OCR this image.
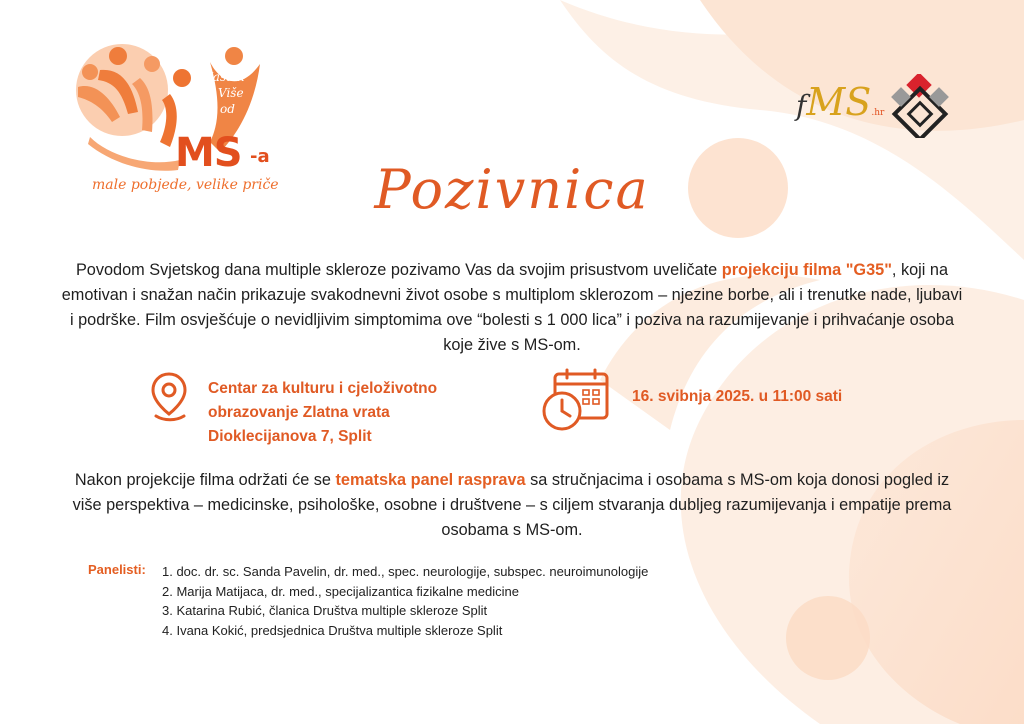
Jasam
Više
od
MS -a
male pobjede, velike priče
fMS.hr
Pozivnica
Povodom Svjetskog dana multiple skleroze pozivamo Vas da svojim prisustvom uveličate projekciju filma "G35", koji na emotivan i snažan način prikazuje svakodnevni život osobe s multiplom sklerozom – njezine borbe, ali i trenutke nade, ljubavi i podrške. Film osvješćuje o nevidljivim simptomima ove “bolesti s 1 000 lica” i poziva na razumijevanje i prihvaćanje osoba koje žive s MS-om.
Centar za kulturu i cjeloživotno
obrazovanje Zlatna vrata
Dioklecijanova 7, Split
16. svibnja 2025. u 11:00 sati
Nakon projekcije filma održati će se tematska panel rasprava sa stručnjacima i osobama s MS-om koja donosi pogled iz više perspektiva – medicinske, psihološke, osobne i društvene – s ciljem stvaranja dubljeg razumijevanja i empatije prema osobama s MS-om.
Panelisti: 1. doc. dr. sc. Sanda Pavelin, dr. med., spec. neurologije, subspec. neuroimunologije
2. Marija Matijaca, dr. med., specijalizantica fizikalne medicine
3. Katarina Rubić, članica Društva multiple skleroze Split
4. Ivana Kokić, predsjednica Društva multiple skleroze Split
